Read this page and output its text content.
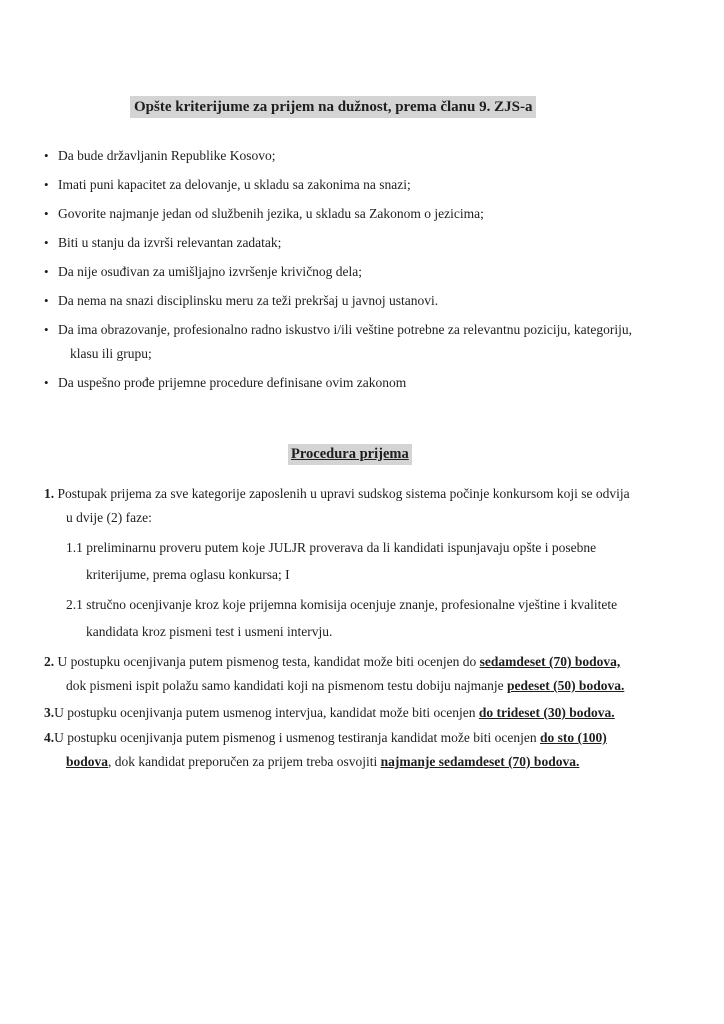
Opšte kriterijume za prijem na dužnost, prema članu 9. ZJS-a
• Da bude državljanin Republike Kosovo;
• Imati puni kapacitet za delovanje, u skladu sa zakonima na snazi;
• Govorite najmanje jedan od službenih jezika, u skladu sa Zakonom o jezicima;
• Biti u stanju da izvrši relevantan zadatak;
• Da nije osuđivan za umišljajno izvršenje krivičnog dela;
• Da nema na snazi disciplinsku meru za teži prekršaj u javnoj ustanovi.
• Da ima obrazovanje, profesionalno radno iskustvo i/ili veštine potrebne za relevantnu poziciju, kategoriju,
klasu ili grupu;
• Da uspešno prođe prijemne procedure definisane ovim zakonom
Procedura prijema
1. Postupak prijema za sve kategorije zaposlenih u upravi sudskog sistema počinje konkursom koji se odvija
u dvije (2) faze:
1.1 preliminarnu proveru putem koje JULJR proverava da li kandidati ispunjavaju opšte i posebne
kriterijume, prema oglasu konkursa; I
2.1 stručno ocenjivanje kroz koje prijemna komisija ocenjuje znanje, profesionalne vještine i kvalitete
kandidata kroz pismeni test i usmeni intervju.
2. U postupku ocenjivanja putem pismenog testa, kandidat može biti ocenjen do sedamdeset (70) bodova,
dok pismeni ispit polažu samo kandidati koji na pismenom testu dobiju najmanje pedeset (50) bodova.
3.U postupku ocenjivanja putem usmenog intervjua, kandidat može biti ocenjen do trideset (30) bodova.
4.U postupku ocenjivanja putem pismenog i usmenog testiranja kandidat može biti ocenjen do sto (100)
bodova, dok kandidat preporučen za prijem treba osvojiti najmanje sedamdeset (70) bodova.
